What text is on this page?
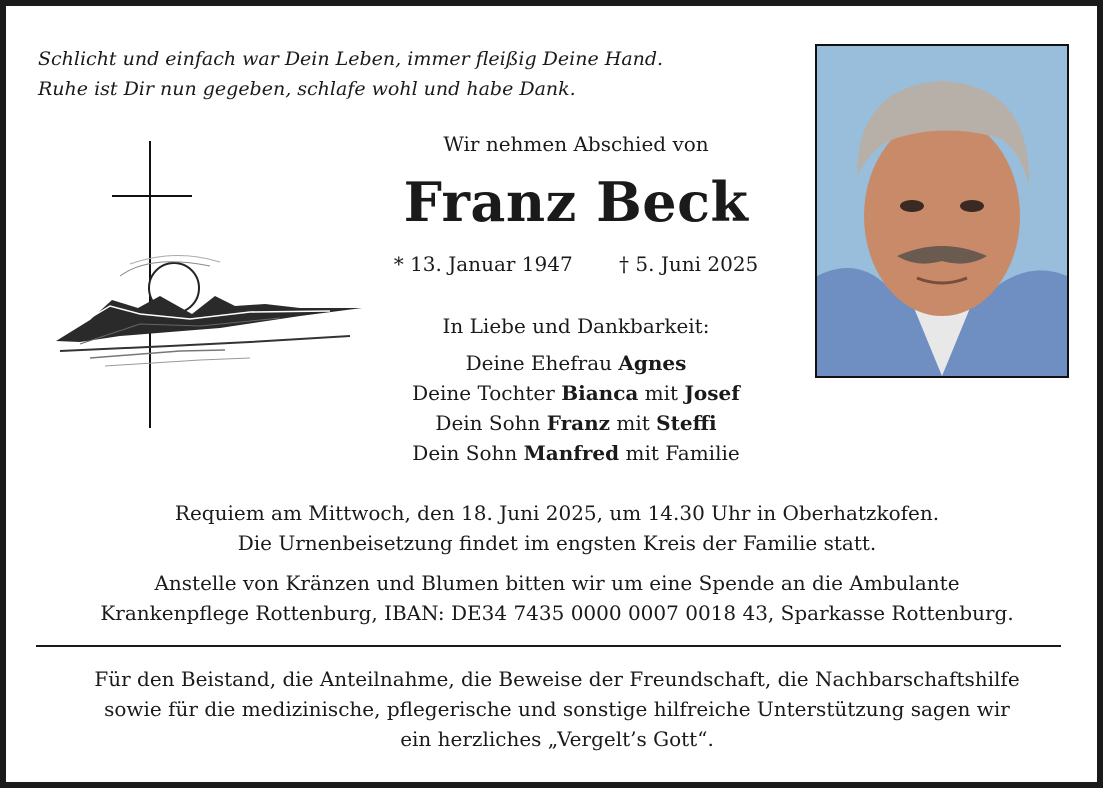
Schlicht und einfach war Dein Leben, immer fleißig Deine Hand.
Ruhe ist Dir nun gegeben, schlafe wohl und habe Dank.
Wir nehmen Abschied von
Franz Beck
* 13. Januar 1947 † 5. Juni 2025
In Liebe und Dankbarkeit:
Deine Ehefrau Agnes
Deine Tochter Bianca mit Josef
Dein Sohn Franz mit Steffi
Dein Sohn Manfred mit Familie
Requiem am Mittwoch, den 18. Juni 2025, um 14.30 Uhr in Oberhatzkofen.
Die Urnenbeisetzung findet im engsten Kreis der Familie statt.
Anstelle von Kränzen und Blumen bitten wir um eine Spende an die Ambulante
Krankenpflege Rottenburg, IBAN: DE34 7435 0000 0007 0018 43, Sparkasse Rottenburg.
Für den Beistand, die Anteilnahme, die Beweise der Freundschaft, die Nachbarschaftshilfe
sowie für die medizinische, pflegerische und sonstige hilfreiche Unterstützung sagen wir
ein herzliches „Vergelt’s Gott“.
